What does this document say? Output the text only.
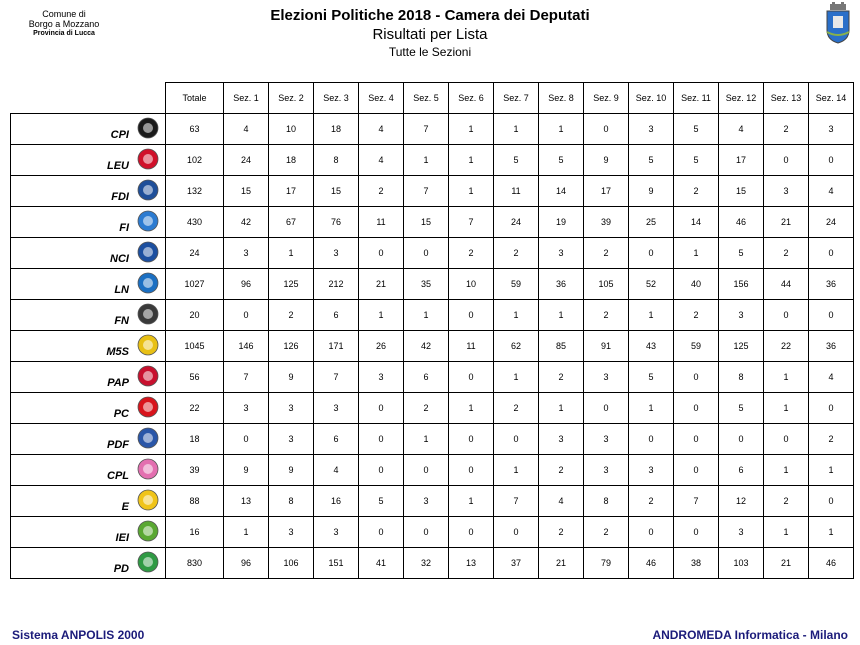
Comune di
Borgo a Mozzano
Provincia di Lucca
Elezioni Politiche 2018 - Camera dei Deputati
Risultati per Lista
Tutte le Sezioni
	Totale	Sez. 1	Sez. 2	Sez. 3	Sez. 4	Sez. 5	Sez. 6	Sez. 7	Sez. 8	Sez. 9	Sez. 10	Sez. 11	Sez. 12	Sez. 13	Sez. 14

CPI	63	4	10	18	4	7	1	1	1	0	3	5	4	2	3

LEU	102	24	18	8	4	1	1	5	5	9	5	5	17	0	0

FDI	132	15	17	15	2	7	1	11	14	17	9	2	15	3	4

FI	430	42	67	76	11	15	7	24	19	39	25	14	46	21	24

NCI	24	3	1	3	0	0	2	2	3	2	0	1	5	2	0

LN	1027	96	125	212	21	35	10	59	36	105	52	40	156	44	36

FN	20	0	2	6	1	1	0	1	1	2	1	2	3	0	0

M5S	1045	146	126	171	26	42	11	62	85	91	43	59	125	22	36

PAP	56	7	9	7	3	6	0	1	2	3	5	0	8	1	4

PC	22	3	3	3	0	2	1	2	1	0	1	0	5	1	0

PDF	18	0	3	6	0	1	0	0	3	3	0	0	0	0	2

CPL	39	9	9	4	0	0	0	1	2	3	3	0	6	1	1

E	88	13	8	16	5	3	1	7	4	8	2	7	12	2	0

IEI	16	1	3	3	0	0	0	0	2	2	0	0	3	1	1

PD	830	96	106	151	41	32	13	37	21	79	46	38	103	21	46
Sistema ANPOLIS 2000	ANDROMEDA Informatica - Milano
